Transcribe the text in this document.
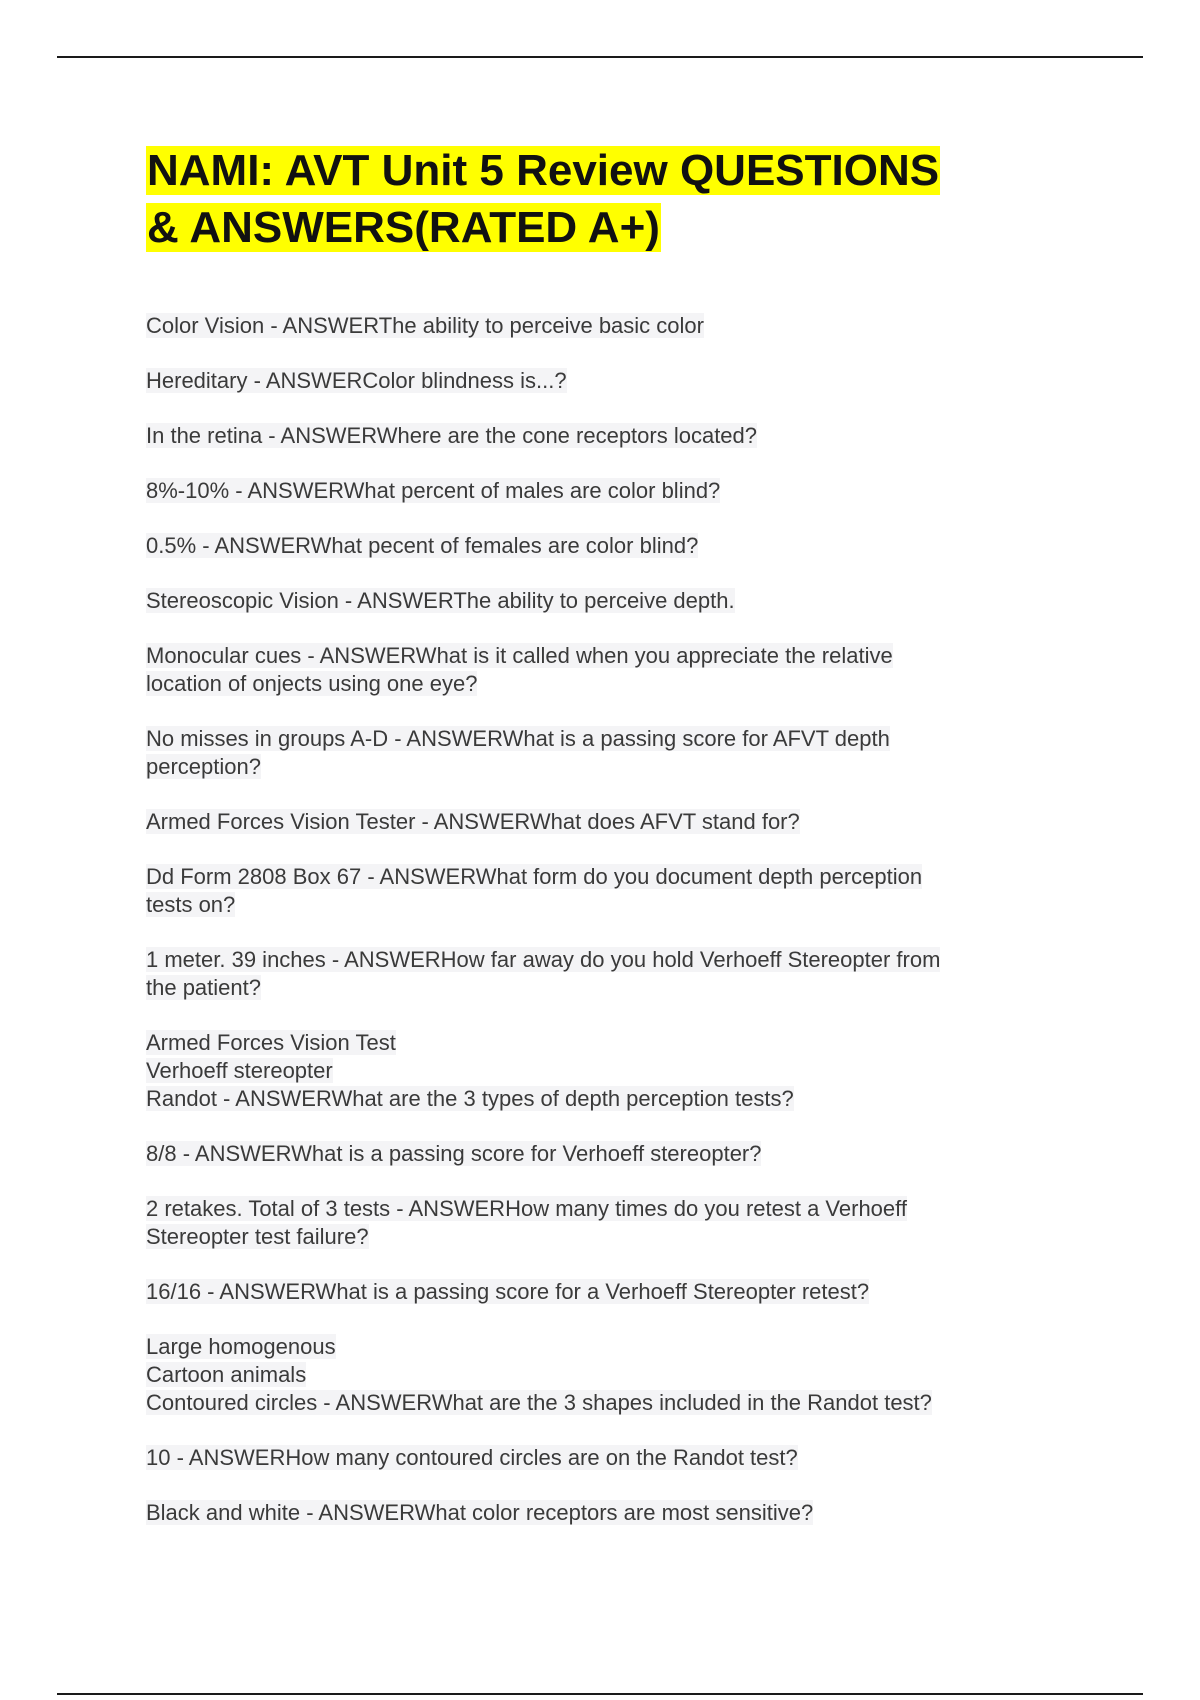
NAMI: AVT Unit 5 Review QUESTIONS
& ANSWERS(RATED A+)
Color Vision - ANSWERThe ability to perceive basic color
Hereditary - ANSWERColor blindness is...?
In the retina - ANSWERWhere are the cone receptors located?
8%-10% - ANSWERWhat percent of males are color blind?
0.5% - ANSWERWhat pecent of females are color blind?
Stereoscopic Vision - ANSWERThe ability to perceive depth.
Monocular cues - ANSWERWhat is it called when you appreciate the relative
location of onjects using one eye?
No misses in groups A-D - ANSWERWhat is a passing score for AFVT depth
perception?
Armed Forces Vision Tester - ANSWERWhat does AFVT stand for?
Dd Form 2808 Box 67 - ANSWERWhat form do you document depth perception
tests on?
1 meter. 39 inches - ANSWERHow far away do you hold Verhoeff Stereopter from
the patient?
Armed Forces Vision Test
Verhoeff stereopter
Randot - ANSWERWhat are the 3 types of depth perception tests?
8/8 - ANSWERWhat is a passing score for Verhoeff stereopter?
2 retakes. Total of 3 tests - ANSWERHow many times do you retest a Verhoeff
Stereopter test failure?
16/16 - ANSWERWhat is a passing score for a Verhoeff Stereopter retest?
Large homogenous
Cartoon animals
Contoured circles - ANSWERWhat are the 3 shapes included in the Randot test?
10 - ANSWERHow many contoured circles are on the Randot test?
Black and white - ANSWERWhat color receptors are most sensitive?
